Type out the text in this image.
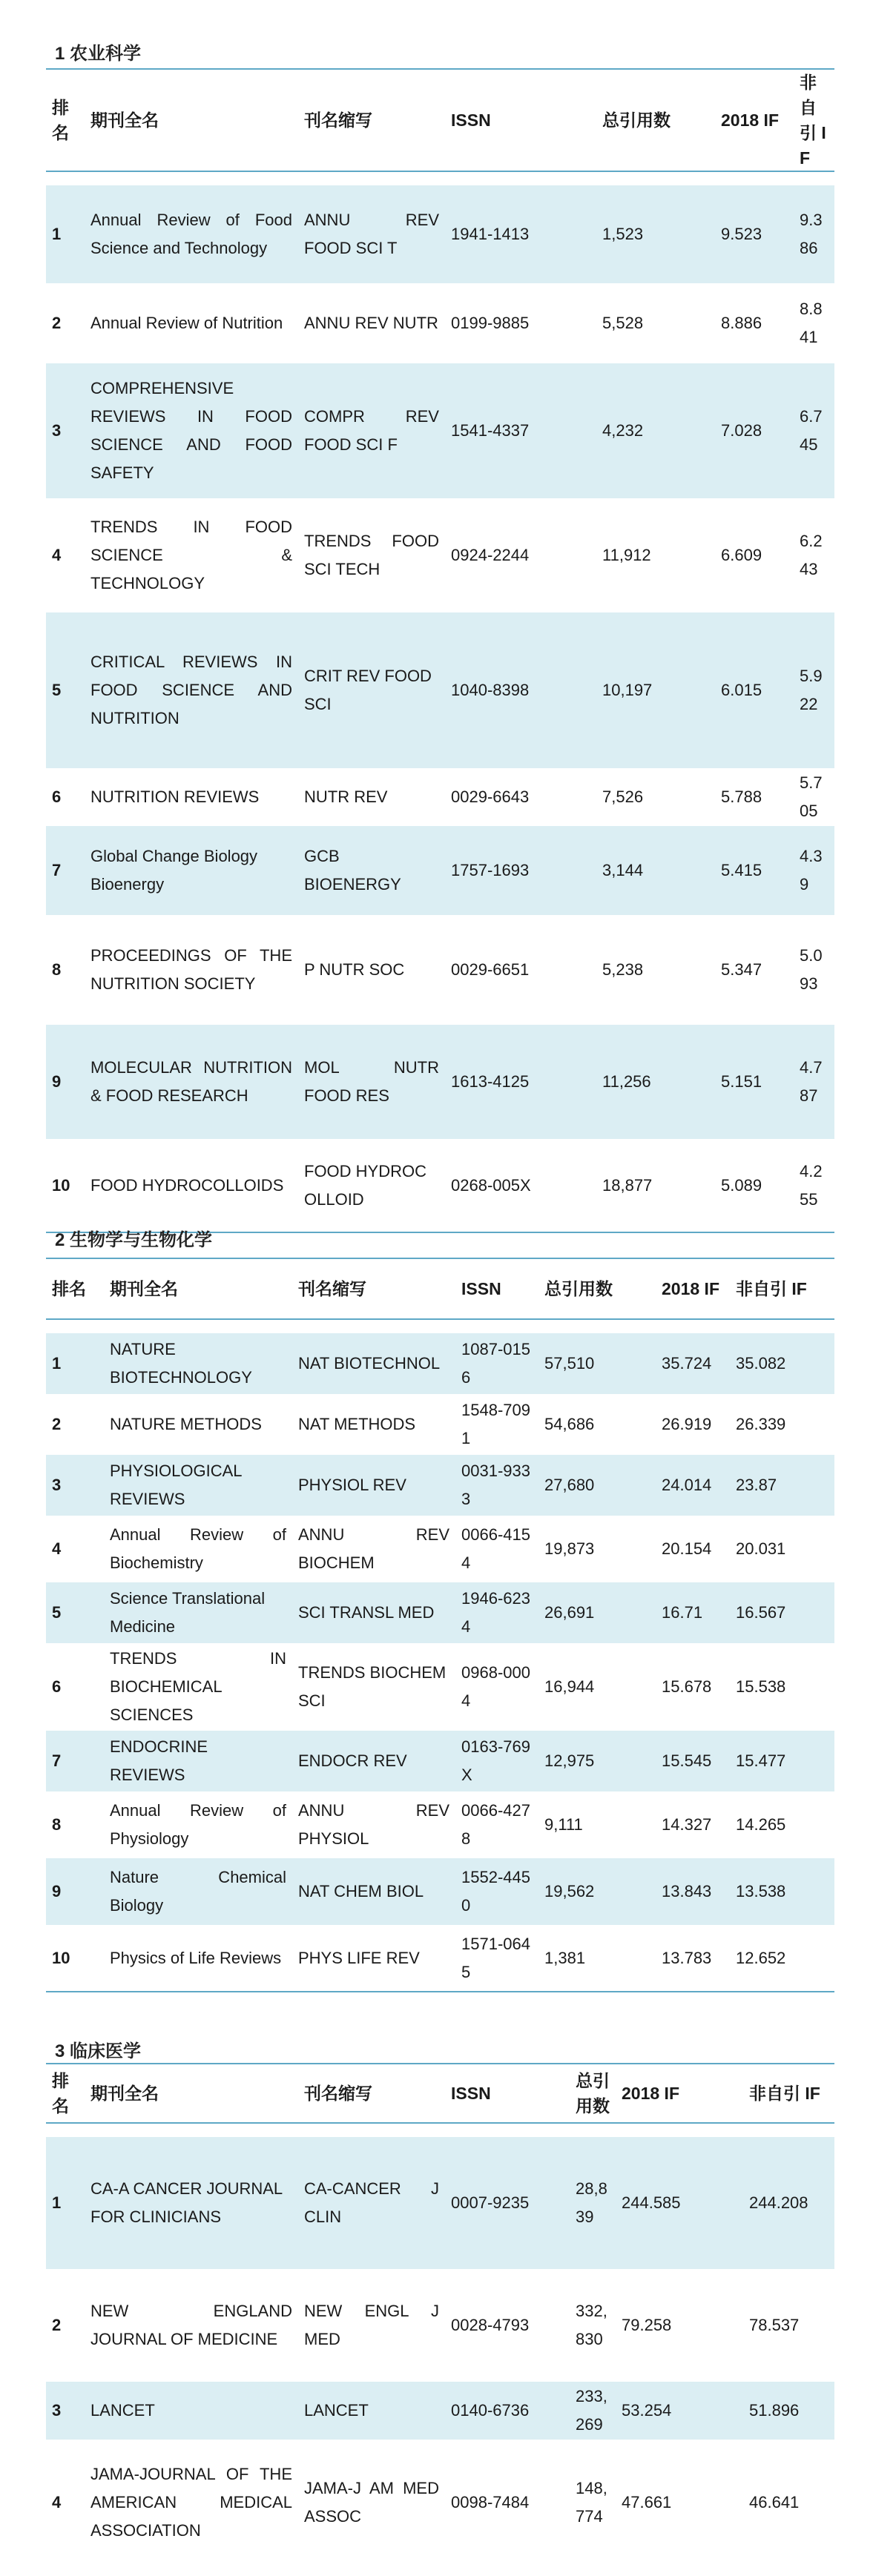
1 农业科学
排名	期刊全名	刊名缩写	ISSN	总引用数	2018 IF	非自引 IF

1	Annual Review of Food Science and Technology	ANNU REV FOOD SCI T	1941-1413	1,523	9.523	9.386
2	Annual Review of Nutrition	ANNU REV NUTR	0199-9885	5,528	8.886	8.841
3	COMPREHENSIVE REVIEWS IN FOOD SCIENCE AND FOOD SAFETY	COMPR REV FOOD SCI F	1541-4337	4,232	7.028	6.745
4	TRENDS IN FOOD SCIENCE & TECHNOLOGY	TRENDS FOOD SCI TECH	0924-2244	11,912	6.609	6.243
5	CRITICAL REVIEWS IN FOOD SCIENCE AND NUTRITION	CRIT REV FOOD SCI	1040-8398	10,197	6.015	5.922
6	NUTRITION REVIEWS	NUTR REV	0029-6643	7,526	5.788	5.705
7	Global Change Biology Bioenergy	GCB BIOENERGY	1757-1693	3,144	5.415	4.39
8	PROCEEDINGS OF THE NUTRITION SOCIETY	P NUTR SOC	0029-6651	5,238	5.347	5.093
9	MOLECULAR NUTRITION & FOOD RESEARCH	MOL NUTR FOOD RES	1613-4125	11,256	5.151	4.787
10	FOOD HYDROCOLLOIDS	FOOD HYDROCOLLOID	0268-005X	18,877	5.089	4.255
2 生物学与生物化学
排名	期刊全名	刊名缩写	ISSN	总引用数	2018 IF	非自引 IF

1	NATURE BIOTECHNOLOGY	NAT BIOTECHNOL	1087-0156	57,510	35.724	35.082
2	NATURE METHODS	NAT METHODS	1548-7091	54,686	26.919	26.339
3	PHYSIOLOGICAL REVIEWS	PHYSIOL REV	0031-9333	27,680	24.014	23.87
4	Annual Review of Biochemistry	ANNU REV BIOCHEM	0066-4154	19,873	20.154	20.031
5	Science Translational Medicine	SCI TRANSL MED	1946-6234	26,691	16.71	16.567
6	TRENDS IN BIOCHEMICAL SCIENCES	TRENDS BIOCHEM SCI	0968-0004	16,944	15.678	15.538
7	ENDOCRINE REVIEWS	ENDOCR REV	0163-769X	12,975	15.545	15.477
8	Annual Review of Physiology	ANNU REV PHYSIOL	0066-4278	9,111	14.327	14.265
9	Nature Chemical Biology	NAT CHEM BIOL	1552-4450	19,562	13.843	13.538
10	Physics of Life Reviews	PHYS LIFE REV	1571-0645	1,381	13.783	12.652
3 临床医学
排名	期刊全名	刊名缩写	ISSN	总引用数	2018 IF	非自引 IF

1	CA-A CANCER JOURNAL FOR CLINICIANS	CA-CANCER J CLIN	0007-9235	28,839	244.585	244.208
2	NEW ENGLAND JOURNAL OF MEDICINE	NEW ENGL J MED	0028-4793	332,830	79.258	78.537
3	LANCET	LANCET	0140-6736	233,269	53.254	51.896
4	JAMA-JOURNAL OF THE AMERICAN MEDICAL ASSOCIATION	JAMA-J AM MED ASSOC	0098-7484	148,774	47.661	46.641
